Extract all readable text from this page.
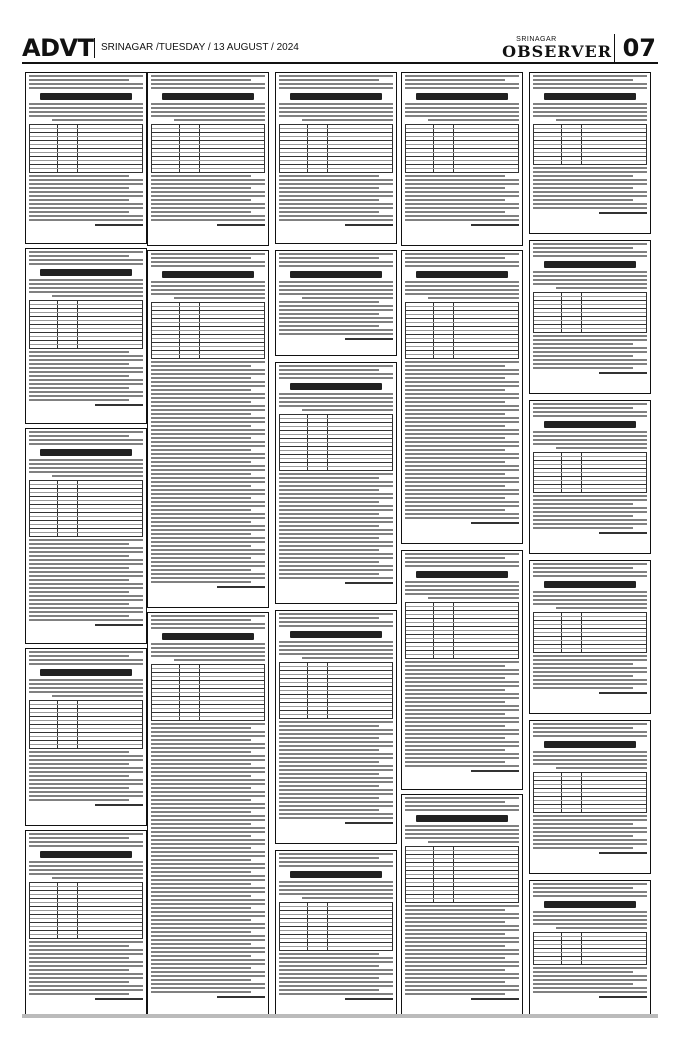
ADVT SRINAGAR /TUESDAY / 13 AUGUST / 2024
SRINAGAR
OBSERVER 07
